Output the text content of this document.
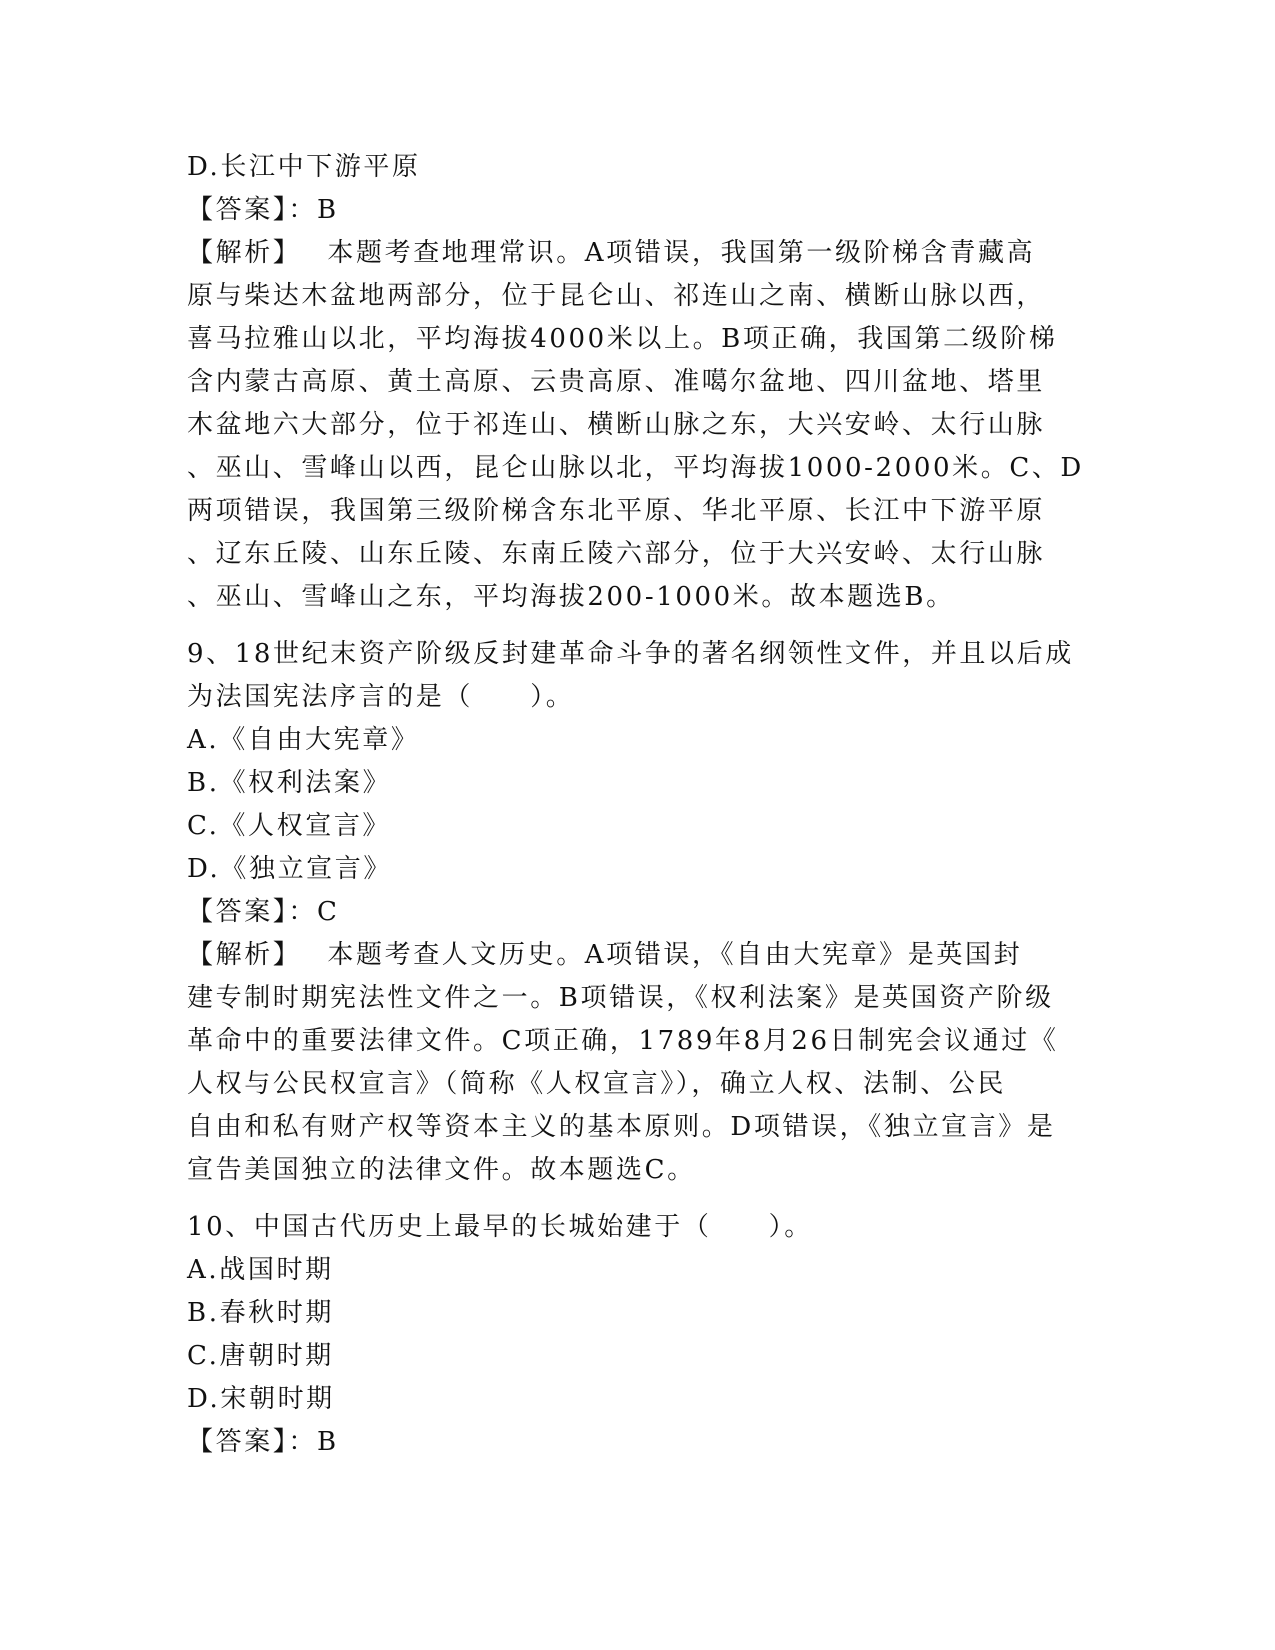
D.长江中下游平原
【答案】：B
【解析】 本题考查地理常识。A项错误，我国第一级阶梯含青藏高
原与柴达木盆地两部分，位于昆仑山、祁连山之南、横断山脉以西，
喜马拉雅山以北，平均海拔4000米以上。B项正确，我国第二级阶梯
含内蒙古高原、黄土高原、云贵高原、准噶尔盆地、四川盆地、塔里
木盆地六大部分，位于祁连山、横断山脉之东，大兴安岭、太行山脉
、巫山、雪峰山以西，昆仑山脉以北，平均海拔1000-2000米。C、D
两项错误，我国第三级阶梯含东北平原、华北平原、长江中下游平原
、辽东丘陵、山东丘陵、东南丘陵六部分，位于大兴安岭、太行山脉
、巫山、雪峰山之东，平均海拔200-1000米。故本题选B。
9、18世纪末资产阶级反封建革命斗争的著名纲领性文件，并且以后成
为法国宪法序言的是（　　）。
A.《自由大宪章》
B.《权利法案》
C.《人权宣言》
D.《独立宣言》
【答案】：C
【解析】 本题考查人文历史。A项错误，《自由大宪章》是英国封
建专制时期宪法性文件之一。B项错误，《权利法案》是英国资产阶级
革命中的重要法律文件。C项正确，1789年8月26日制宪会议通过《
人权与公民权宣言》（简称《人权宣言》），确立人权、法制、公民
自由和私有财产权等资本主义的基本原则。D项错误，《独立宣言》是
宣告美国独立的法律文件。故本题选C。
10、中国古代历史上最早的长城始建于（　　）。
A.战国时期
B.春秋时期
C.唐朝时期
D.宋朝时期
【答案】：B
